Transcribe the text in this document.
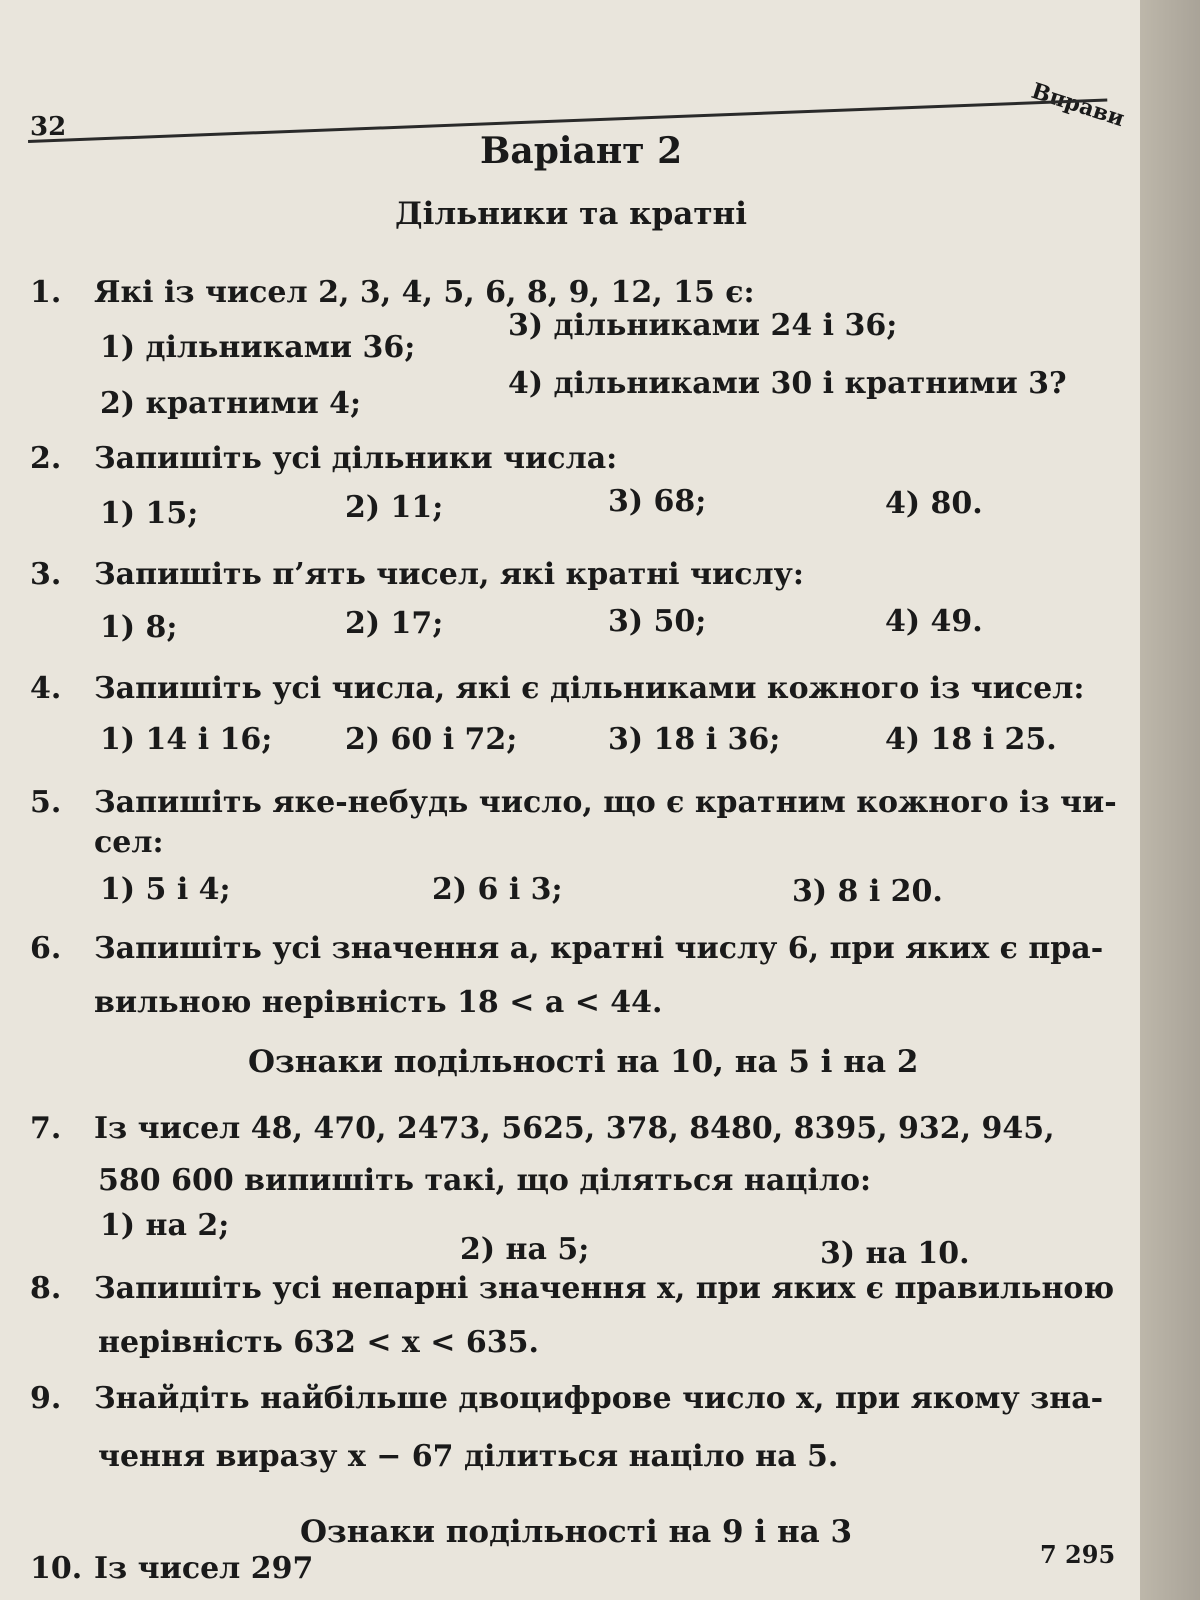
32	Вправи
Варіант 2
Дільники та кратні
1. Які із чисел 2, 3, 4, 5, 6, 8, 9, 12, 15 є:
1) дільниками 36;
3) дільниками 24 і 36;
2) кратними 4;
4) дільниками 30 і кратними 3?
2. Запишіть усі дільники числа:
1) 15;	2) 11;	3) 68;	4) 80.
3. Запишіть п’ять чисел, які кратні числу:
1) 8;	2) 17;	3) 50;	4) 49.
4. Запишіть усі числа, які є дільниками кожного із чисел:
1) 14 і 16; 2) 60 і 72;	3) 18 і 36;	4) 18 і 25.
5. Запишіть яке-небудь число, що є кратним кожного із чи-
сел:
1) 5 і 4;	2) 6 і 3;	3) 8 і 20.
6. Запишіть усі значення a, кратні числу 6, при яких є пра-
вильною нерівність 18 < a < 44.
Ознаки подільності на 10, на 5 і на 2
7. Із чисел 48, 470, 2473, 5625, 378, 8480, 8395, 932, 945,
580 600 випишіть такі, що діляться націло:
1) на 2;
2) на 5;	3) на 10.
8. Запишіть усі непарні значення x, при яких є правильною
нерівність 632 < x < 635.
9. Знайдіть найбільше двоцифрове число x, при якому зна-
чення виразу x − 67 ділиться націло на 5.
Ознаки подільності на 9 і на 3
10. Із чисел 297	7 295
